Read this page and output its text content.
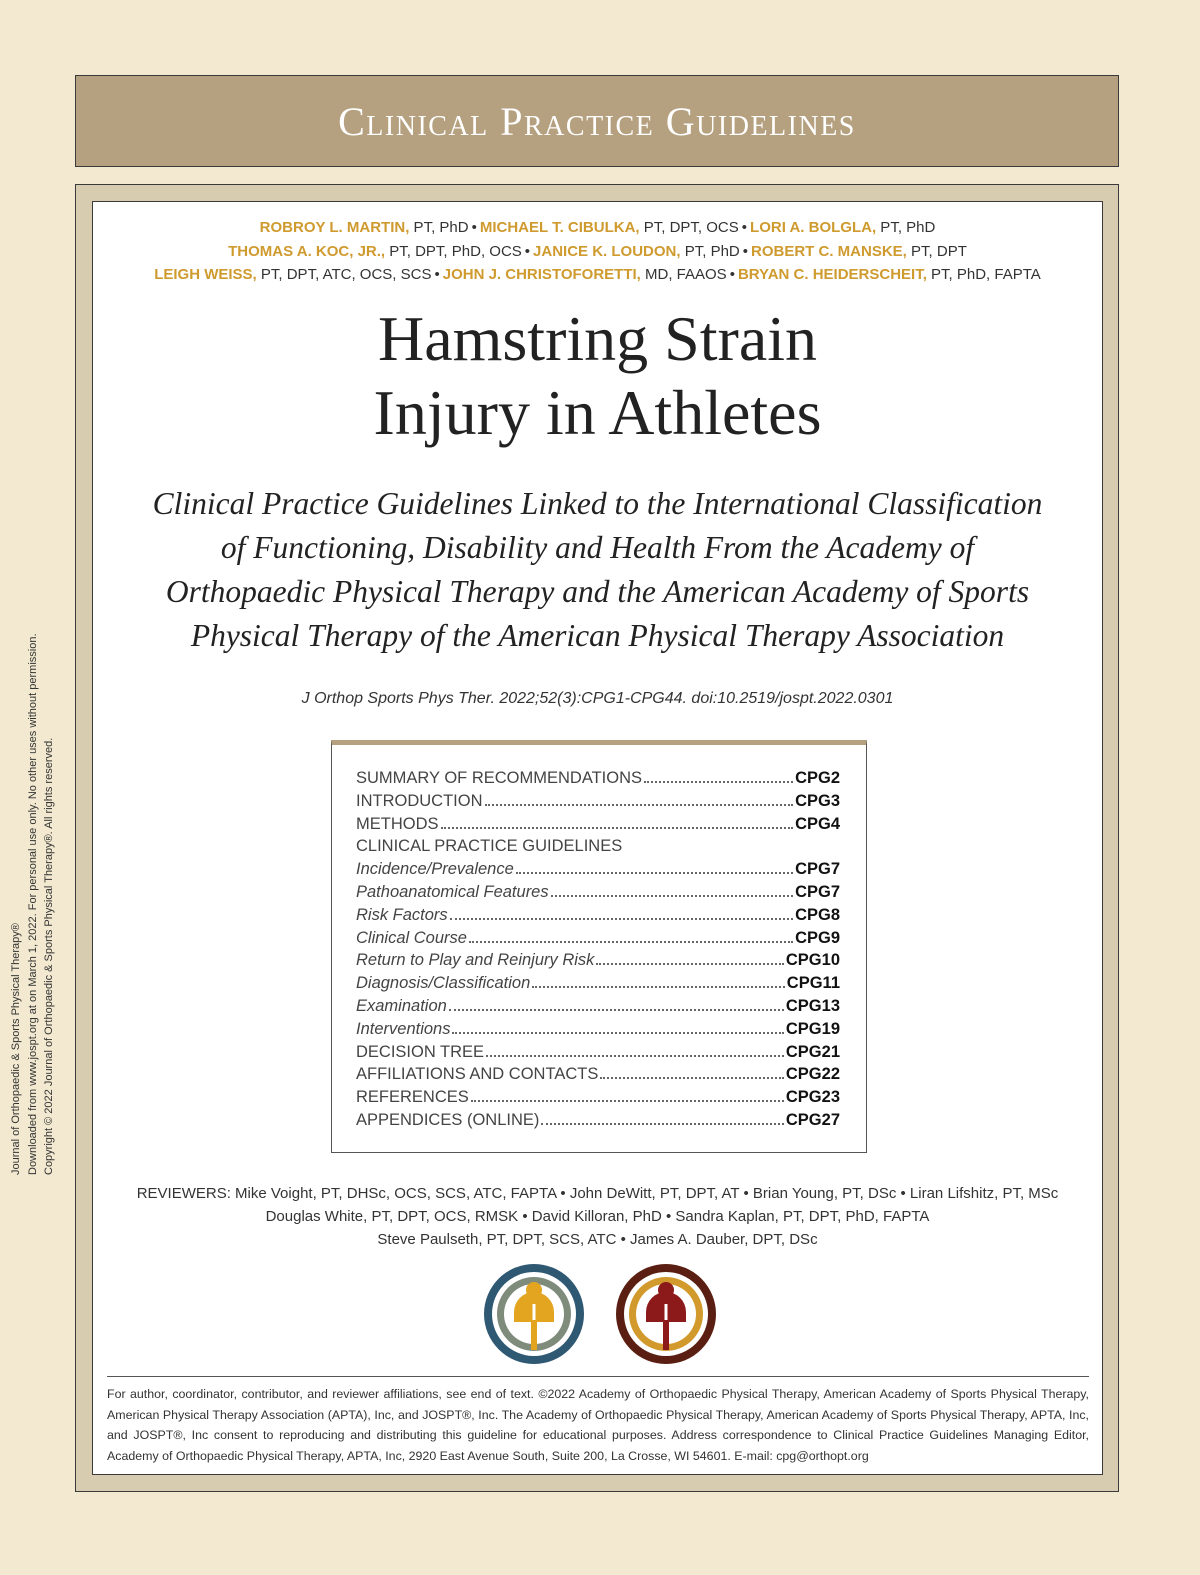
Clinical Practice Guidelines
Journal of Orthopaedic & Sports Physical Therapy® Downloaded from www.jospt.org at on March 1, 2022. For personal use only. No other uses without permission. Copyright © 2022 Journal of Orthopaedic & Sports Physical Therapy®. All rights reserved.
ROBROY L. MARTIN, PT, PhD • MICHAEL T. CIBULKA, PT, DPT, OCS • LORI A. BOLGLA, PT, PhD
THOMAS A. KOC, JR., PT, DPT, PhD, OCS • JANICE K. LOUDON, PT, PhD • ROBERT C. MANSKE, PT, DPT
LEIGH WEISS, PT, DPT, ATC, OCS, SCS • JOHN J. CHRISTOFORETTI, MD, FAAOS • BRYAN C. HEIDERSCHEIT, PT, PhD, FAPTA
Hamstring Strain
Injury in Athletes
Clinical Practice Guidelines Linked to the International Classification
of Functioning, Disability and Health From the Academy of
Orthopaedic Physical Therapy and the American Academy of Sports
Physical Therapy of the American Physical Therapy Association
J Orthop Sports Phys Ther. 2022;52(3):CPG1-CPG44. doi:10.2519/jospt.2022.0301
SUMMARY OF RECOMMENDATIONS	CPG2
INTRODUCTION	CPG3
METHODS	CPG4
CLINICAL PRACTICE GUIDELINES
Incidence/Prevalence	CPG7
Pathoanatomical Features	CPG7
Risk Factors	CPG8
Clinical Course	CPG9
Return to Play and Reinjury Risk	CPG10
Diagnosis/Classification	CPG11
Examination	CPG13
Interventions	CPG19
DECISION TREE	CPG21
AFFILIATIONS AND CONTACTS	CPG22
REFERENCES	CPG23
APPENDICES (ONLINE)	CPG27
REVIEWERS: Mike Voight, PT, DHSc, OCS, SCS, ATC, FAPTA • John DeWitt, PT, DPT, AT • Brian Young, PT, DSc • Liran Lifshitz, PT, MSc
Douglas White, PT, DPT, OCS, RMSK • David Killoran, PhD • Sandra Kaplan, PT, DPT, PhD, FAPTA
Steve Paulseth, PT, DPT, SCS, ATC • James A. Dauber, DPT, DSc
For author, coordinator, contributor, and reviewer affiliations, see end of text. ©2022 Academy of Orthopaedic Physical Therapy, American Academy of Sports Physical Therapy, American Physical Therapy Association (APTA), Inc, and JOSPT®, Inc. The Academy of Orthopaedic Physical Therapy, American Academy of Sports Physical Therapy, APTA, Inc, and JOSPT®, Inc consent to reproducing and distributing this guideline for educational purposes. Address correspondence to Clinical Practice Guidelines Managing Editor, Academy of Orthopaedic Physical Therapy, APTA, Inc, 2920 East Avenue South, Suite 200, La Crosse, WI 54601. E-mail: cpg@orthopt.org
